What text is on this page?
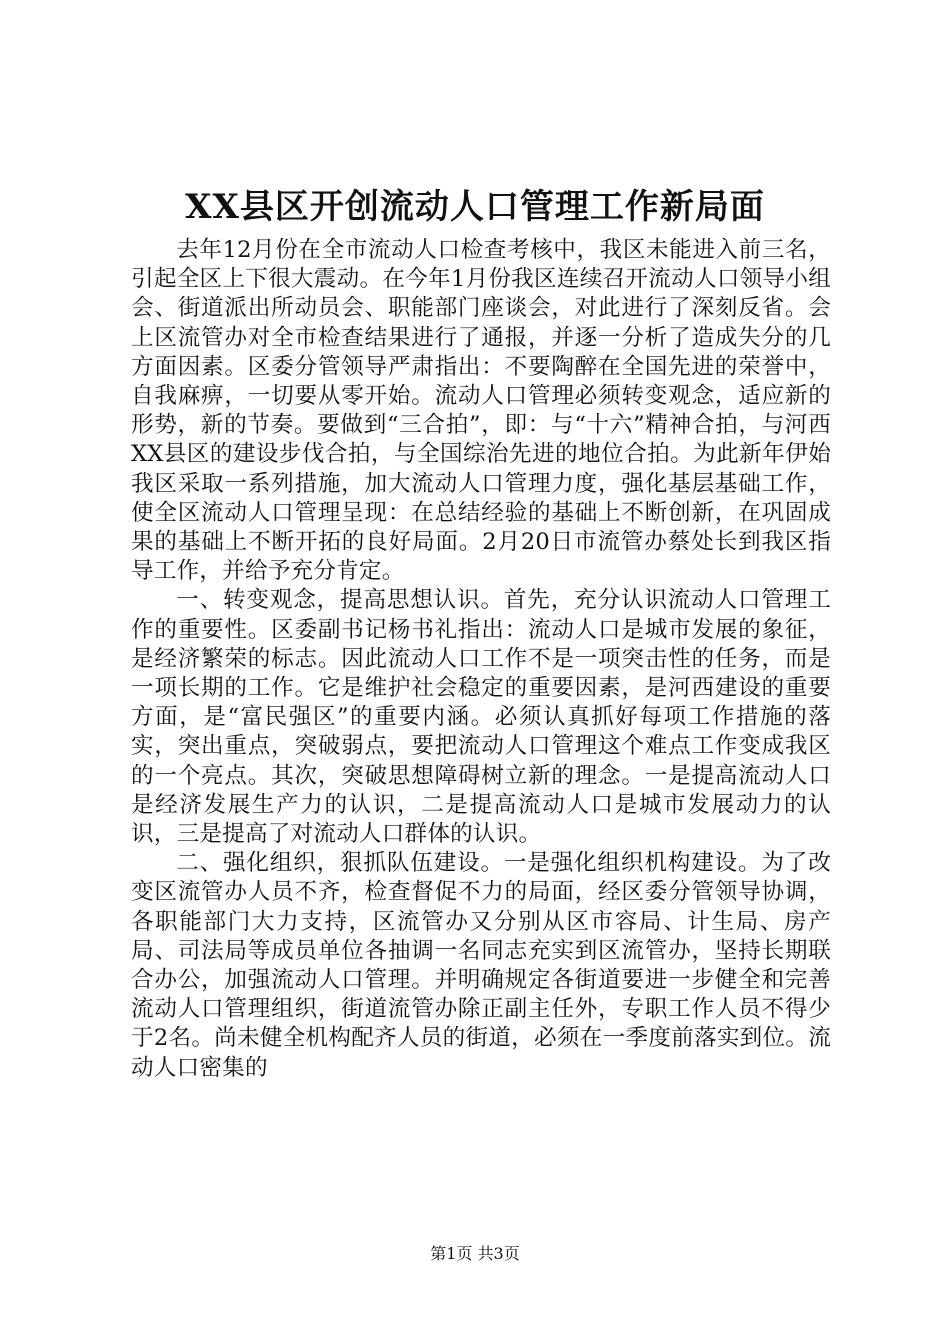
XX县区开创流动人口管理工作新局面

去年12月份在全市流动人口检查考核中，我区未能进入前三名，引起全区上下很大震动。在今年1月份我区连续召开流动人口领导小组会、街道派出所动员会、职能部门座谈会，对此进行了深刻反省。会上区流管办对全市检查结果进行了通报，并逐一分析了造成失分的几方面因素。区委分管领导严肃指出：不要陶醉在全国先进的荣誉中，自我麻痹，一切要从零开始。流动人口管理必须转变观念，适应新的形势，新的节奏。要做到“三合拍”，即：与“十六”精神合拍，与河西XX县区的建设步伐合拍，与全国综治先进的地位合拍。为此新年伊始我区采取一系列措施，加大流动人口管理力度，强化基层基础工作，使全区流动人口管理呈现：在总结经验的基础上不断创新，在巩固成果的基础上不断开拓的良好局面。2月20日市流管办蔡处长到我区指导工作，并给予充分肯定。

一、转变观念，提高思想认识。首先，充分认识流动人口管理工作的重要性。区委副书记杨书礼指出：流动人口是城市发展的象征，是经济繁荣的标志。因此流动人口工作不是一项突击性的任务，而是一项长期的工作。它是维护社会稳定的重要因素，是河西建设的重要方面，是“富民强区”的重要内涵。必须认真抓好每项工作措施的落实，突出重点，突破弱点，要把流动人口管理这个难点工作变成我区的一个亮点。其次，突破思想障碍树立新的理念。一是提高流动人口是经济发展生产力的认识，二是提高流动人口是城市发展动力的认识，三是提高了对流动人口群体的认识。

二、强化组织，狠抓队伍建设。一是强化组织机构建设。为了改变区流管办人员不齐，检查督促不力的局面，经区委分管领导协调，各职能部门大力支持，区流管办又分别从区市容局、计生局、房产局、司法局等成员单位各抽调一名同志充实到区流管办，坚持长期联合办公，加强流动人口管理。并明确规定各街道要进一步健全和完善流动人口管理组织，街道流管办除正副主任外，专职工作人员不得少于2名。尚未健全机构配齐人员的街道，必须在一季度前落实到位。流动人口密集的

第1页 共3页
